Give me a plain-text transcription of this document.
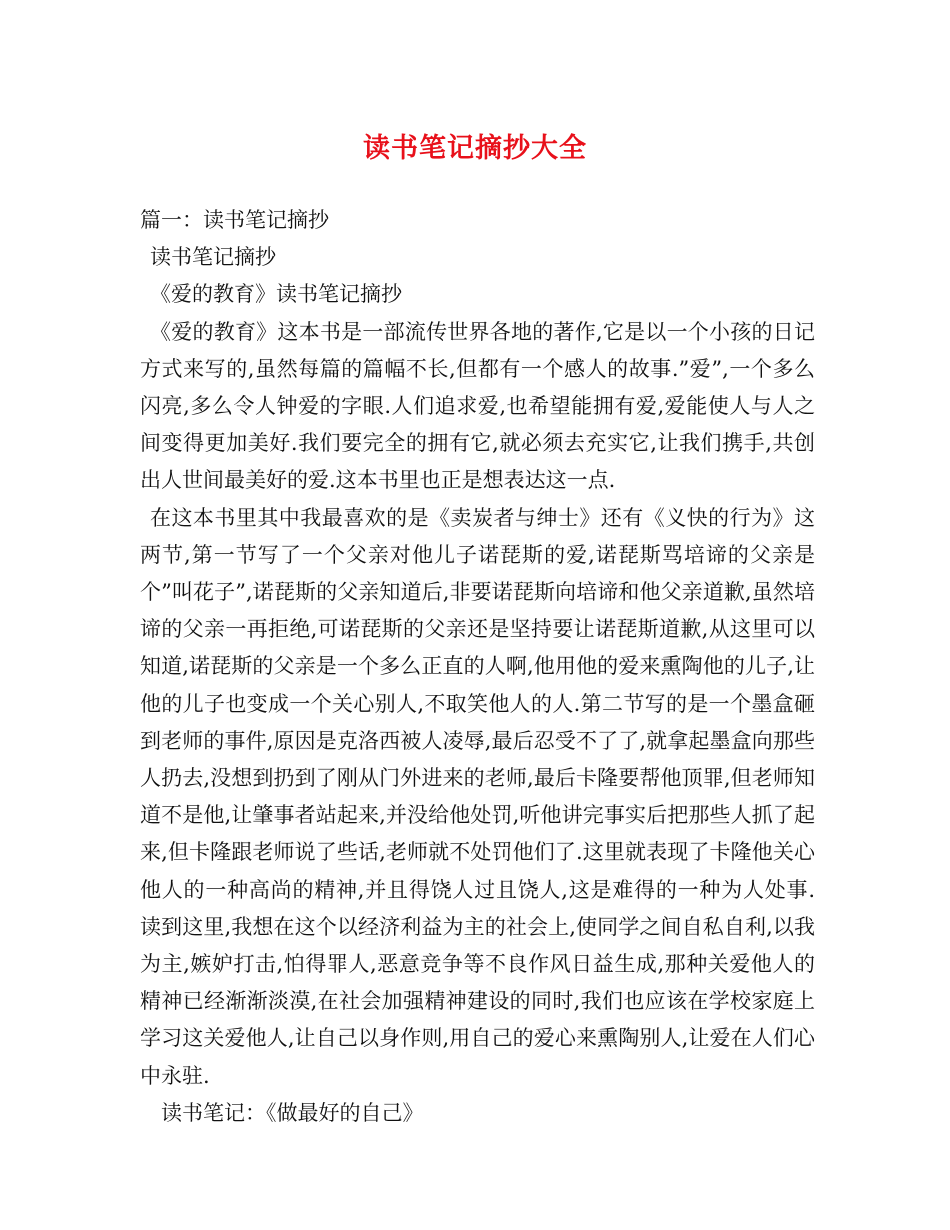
读书笔记摘抄大全

篇一：读书笔记摘抄

读书笔记摘抄

《爱的教育》读书笔记摘抄

《爱的教育》这本书是一部流传世界各地的著作,它是以一个小孩的日记方式来写的,虽然每篇的篇幅不长,但都有一个感人的故事.”爱”,一个多么闪亮,多么令人钟爱的字眼.人们追求爱,也希望能拥有爱,爱能使人与人之间变得更加美好.我们要完全的拥有它,就必须去充实它,让我们携手,共创出人世间最美好的爱.这本书里也正是想表达这一点.

在这本书里其中我最喜欢的是《卖炭者与绅士》还有《义快的行为》这两节,第一节写了一个父亲对他儿子诺琵斯的爱,诺琵斯骂培谛的父亲是个”叫花子”,诺琵斯的父亲知道后,非要诺琵斯向培谛和他父亲道歉,虽然培谛的父亲一再拒绝,可诺琵斯的父亲还是坚持要让诺琵斯道歉,从这里可以知道,诺琵斯的父亲是一个多么正直的人啊,他用他的爱来熏陶他的儿子,让他的儿子也变成一个关心别人,不取笑他人的人.第二节写的是一个墨盒砸到老师的事件,原因是克洛西被人凌辱,最后忍受不了了,就拿起墨盒向那些人扔去,没想到扔到了刚从门外进来的老师,最后卡隆要帮他顶罪,但老师知道不是他,让肇事者站起来,并没给他处罚,听他讲完事实后把那些人抓了起来,但卡隆跟老师说了些话,老师就不处罚他们了.这里就表现了卡隆他关心他人的一种高尚的精神,并且得饶人过且饶人,这是难得的一种为人处事.　读到这里,我想在这个以经济利益为主的社会上,使同学之间自私自利,以我为主,嫉妒打击,怕得罪人,恶意竞争等不良作风日益生成,那种关爱他人的精神已经渐渐淡漠,在社会加强精神建设的同时,我们也应该在学校家庭上学习这关爱他人,让自己以身作则,用自己的爱心来熏陶别人,让爱在人们心中永驻.

读书笔记：《做最好的自己》
